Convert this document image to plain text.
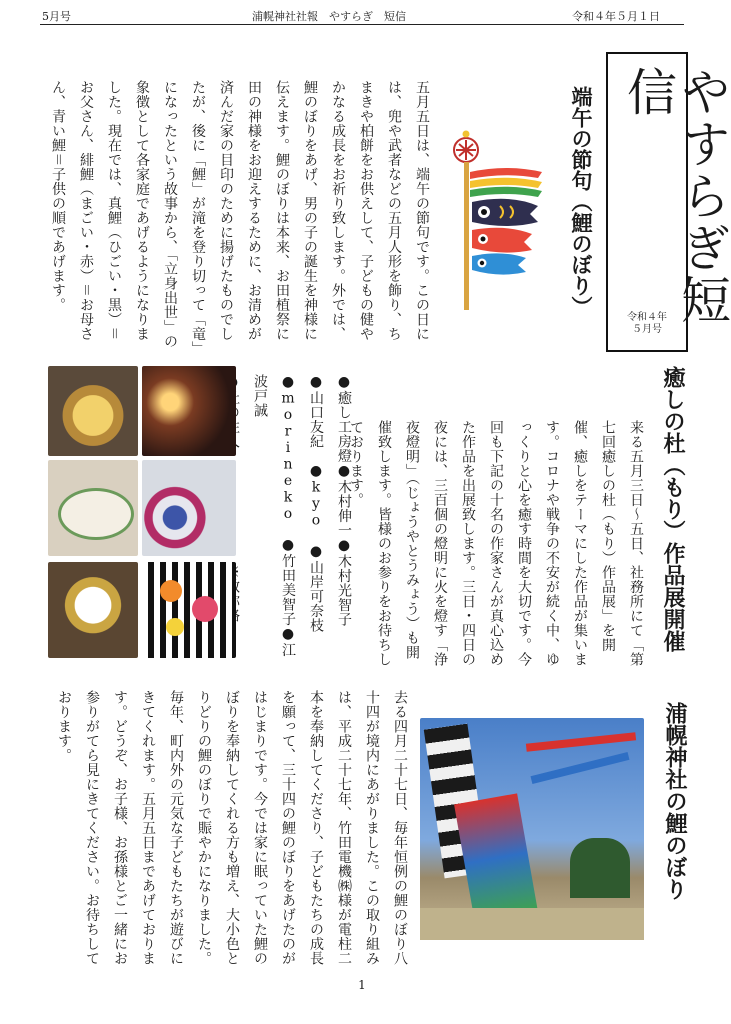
5月号	浦幌神社社報　やすらぎ　短信	令和４年５月１日
やすらぎ短信
令和４年
５月号
端午の節句（鯉のぼり）
五月五日は、端午の節句です。この日には、兜や武者などの五月人形を飾り、ちまきや柏餅をお供えして、子どもの健やかなる成長をお祈り致します。外では、鯉のぼりをあげ、男の子の誕生を神様に伝えます。鯉のぼりは本来、お田植祭に田の神様をお迎えするために、お清めが済んだ家の目印のために揚げたものでしたが、後に「鯉」が滝を登り切って「竜」になったという故事から、「立身出世」の象徴として各家庭であげるようになりました。現在では、真鯉（ひごい・黒）＝お父さん、緋鯉（まごい・赤）＝お母さん、青い鯉＝子供の順であげます。
癒しの杜（もり）作品展開催
来る五月三日～五日、社務所にて「第七回癒しの杜（もり）作品展」を開催、癒しをテーマにした作品が集います。コロナや戦争の不安が続く中、ゆっくりと心を癒す時間を大切です。今回も下記の十名の作家さんが真心込めた作品を出展致します。三日・四日の夜には、三百個の燈明に火を燈す「浄夜燈明」（じょうやとうみょう）も開催致します。皆様のお参りをお待ちしております。
●癒し工房燈●木村伸一●木村光智子
●山口友紀　●kyo　●山岸可奈枝
●morineko　●竹田美智子●江波戸誠
浦幌神社の鯉のぼり
去る四月二十七日、毎年恒例の鯉のぼり八十四が境内にあがりました。この取り組みは、平成二十七年、竹田電機㈱様が電柱二本を奉納してくださり、子どもたちの成長を願って、三十四の鯉のぼりをあげたのがはじまりです。今では家に眠っていた鯉のぼりを奉納してくれる方も増え、大小色とりどりの鯉のぼりで賑やかになりました。毎年、町内外の元気な子どもたちが遊びにきてくれます。五月五日まであげております。どうぞ、お子様、お孫様とご一緒にお参りがてら見にきてください。お待ちしております。
1
